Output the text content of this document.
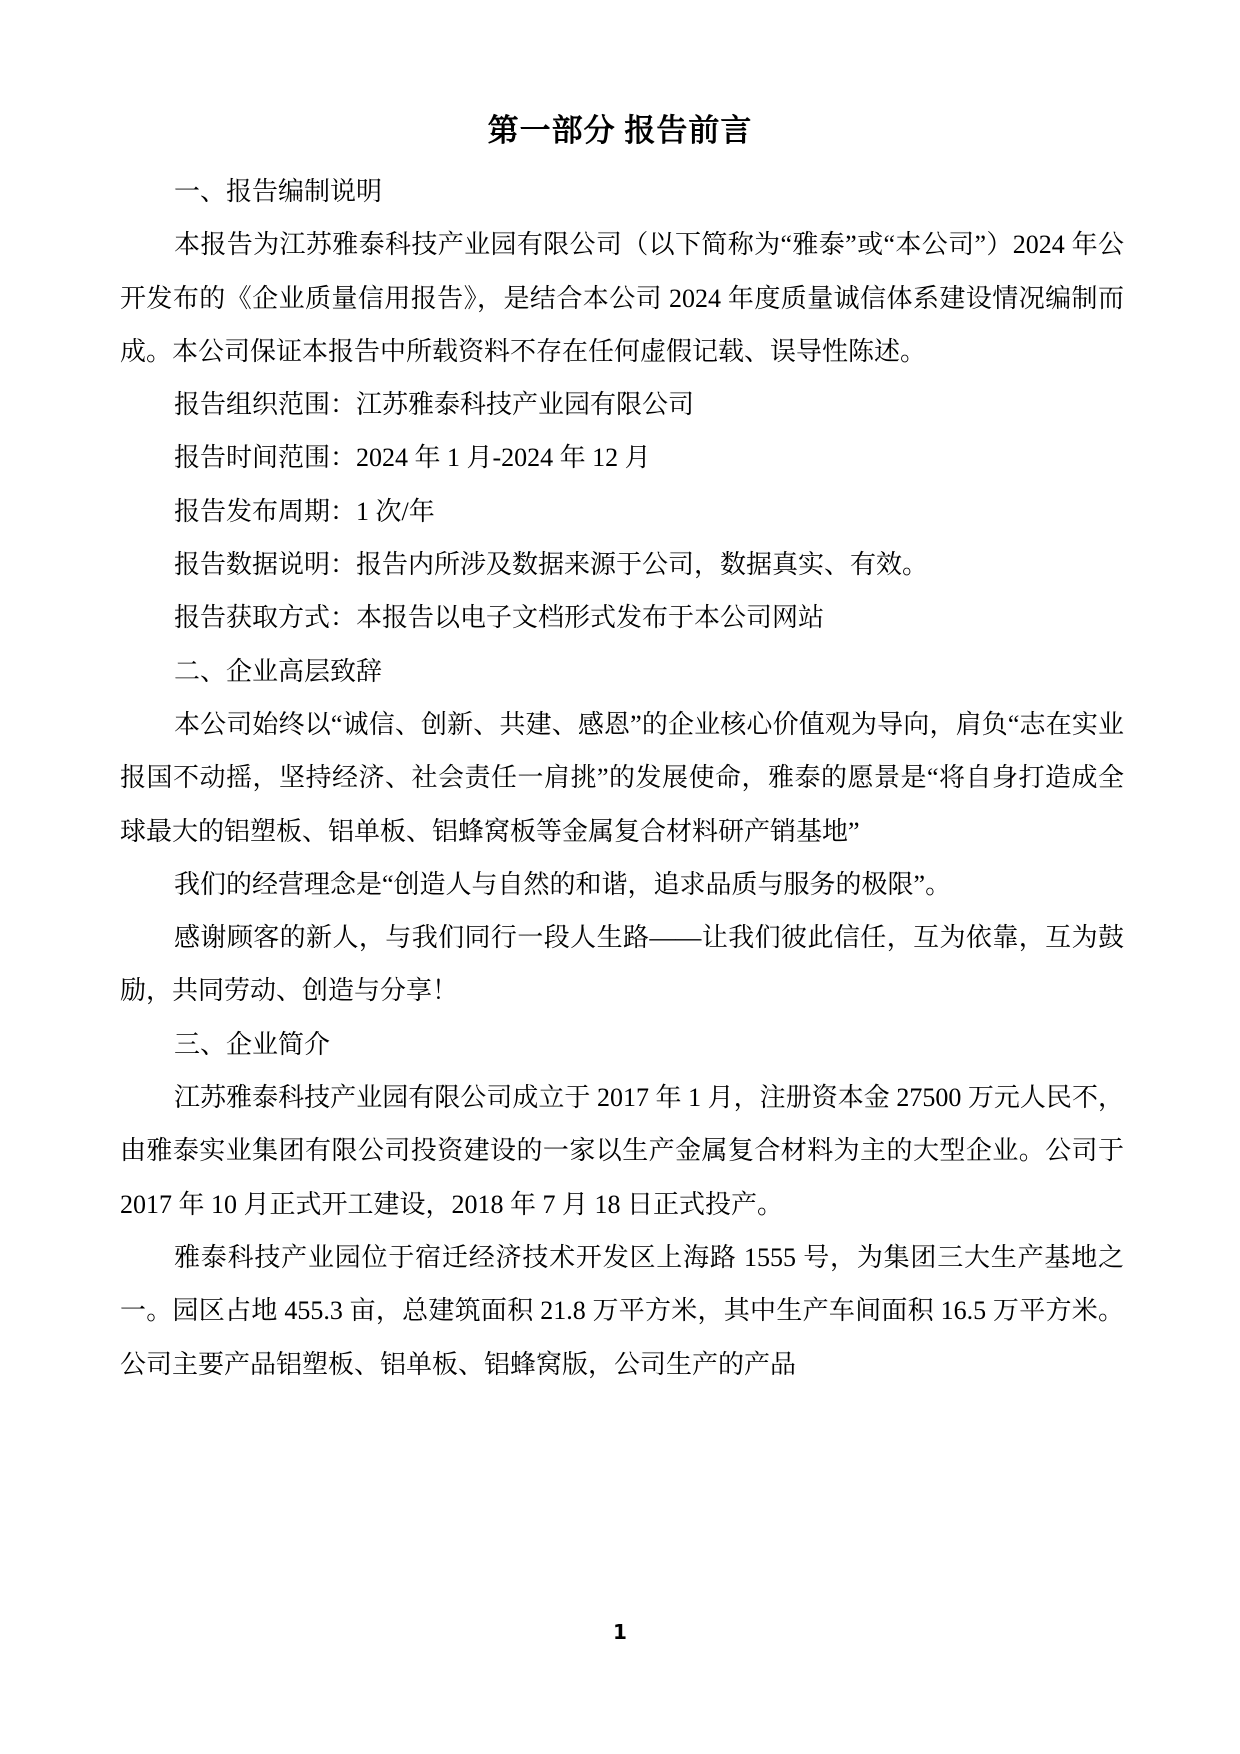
第一部分 报告前言

一、报告编制说明

本报告为江苏雅泰科技产业园有限公司（以下简称为“雅泰”或“本公司”）2024 年公开发布的《企业质量信用报告》，是结合本公司 2024 年度质量诚信体系建设情况编制而成。本公司保证本报告中所载资料不存在任何虚假记载、误导性陈述。

报告组织范围：江苏雅泰科技产业园有限公司

报告时间范围：2024 年 1 月-2024 年 12 月

报告发布周期：1 次/年

报告数据说明：报告内所涉及数据来源于公司，数据真实、有效。

报告获取方式：本报告以电子文档形式发布于本公司网站

二、企业高层致辞

本公司始终以“诚信、创新、共建、感恩”的企业核心价值观为导向，肩负“志在实业报国不动摇，坚持经济、社会责任一肩挑”的发展使命，雅泰的愿景是“将自身打造成全球最大的铝塑板、铝单板、铝蜂窝板等金属复合材料研产销基地”

我们的经营理念是“创造人与自然的和谐，追求品质与服务的极限”。

感谢顾客的新人，与我们同行一段人生路——让我们彼此信任，互为依靠，互为鼓励，共同劳动、创造与分享！

三、企业简介

江苏雅泰科技产业园有限公司成立于 2017 年 1 月，注册资本金 27500 万元人民不，由雅泰实业集团有限公司投资建设的一家以生产金属复合材料为主的大型企业。公司于 2017 年 10 月正式开工建设，2018 年 7 月 18 日正式投产。

雅泰科技产业园位于宿迁经济技术开发区上海路 1555 号，为集团三大生产基地之一。园区占地 455.3 亩，总建筑面积 21.8 万平方米，其中生产车间面积 16.5 万平方米。公司主要产品铝塑板、铝单板、铝蜂窝版，公司生产的产品

1
